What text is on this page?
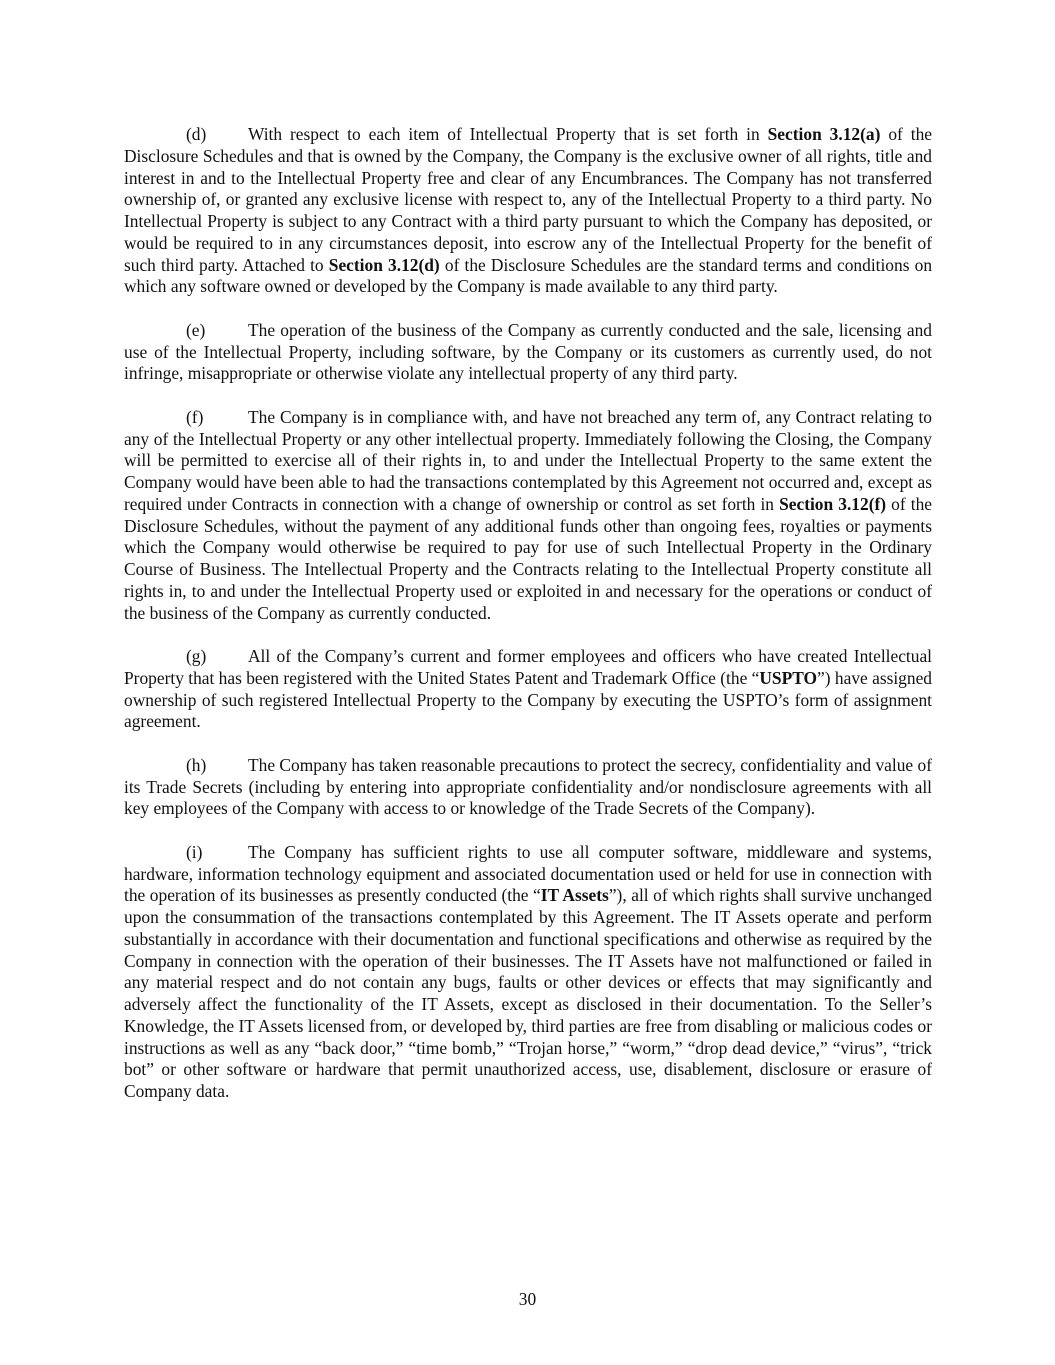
(d) With respect to each item of Intellectual Property that is set forth in Section 3.12(a) of the Disclosure Schedules and that is owned by the Company, the Company is the exclusive owner of all rights, title and interest in and to the Intellectual Property free and clear of any Encumbrances. The Company has not transferred ownership of, or granted any exclusive license with respect to, any of the Intellectual Property to a third party. No Intellectual Property is subject to any Contract with a third party pursuant to which the Company has deposited, or would be required to in any circumstances deposit, into escrow any of the Intellectual Property for the benefit of such third party. Attached to Section 3.12(d) of the Disclosure Schedules are the standard terms and conditions on which any software owned or developed by the Company is made available to any third party.

(e) The operation of the business of the Company as currently conducted and the sale, licensing and use of the Intellectual Property, including software, by the Company or its customers as currently used, do not infringe, misappropriate or otherwise violate any intellectual property of any third party.

(f)	The Company is in compliance with, and have not breached any term of, any Contract relating to any of the Intellectual Property or any other intellectual property. Immediately following the Closing, the Company will be permitted to exercise all of their rights in, to and under the Intellectual Property to the same extent the Company would have been able to had the transactions contemplated by this Agreement not occurred and, except as required under Contracts in connection with a change of ownership or control as set forth in Section 3.12(f) of the Disclosure Schedules, without the payment of any additional funds other than ongoing fees, royalties or payments which the Company would otherwise be required to pay for use of such Intellectual Property in the Ordinary Course of Business. The Intellectual Property and the Contracts relating to the Intellectual Property constitute all rights in, to and under the Intellectual Property used or exploited in and necessary for the operations or conduct of the business of the Company as currently conducted.

(g) All of the Company’s current and former employees and officers who have created Intellectual Property that has been registered with the United States Patent and Trademark Office (the “USPTO”) have assigned ownership of such registered Intellectual Property to the Company by executing the USPTO’s form of assignment agreement.

(h) The Company has taken reasonable precautions to protect the secrecy, confidentiality and value of its Trade Secrets (including by entering into appropriate confidentiality and/or nondisclosure agreements with all key employees of the Company with access to or knowledge of the Trade Secrets of the Company).

(i)	The Company has sufficient rights to use all computer software, middleware and systems, hardware, information technology equipment and associated documentation used or held for use in connection with the operation of its businesses as presently conducted (the “IT Assets”), all of which rights shall survive unchanged upon the consummation of the transactions contemplated by this Agreement. The IT Assets operate and perform substantially in accordance with their documentation and functional specifications and otherwise as required by the Company in connection with the operation of their businesses. The IT Assets have not malfunctioned or failed in any material respect and do not contain any bugs, faults or other devices or effects that may significantly and adversely affect the functionality of the IT Assets, except as disclosed in their documentation. To the Seller’s Knowledge, the IT Assets licensed from, or developed by, third parties are free from disabling or malicious codes or instructions as well as any “back door,” “time bomb,” “Trojan horse,” “worm,” “drop dead device,” “virus”, “trick bot” or other software or hardware that permit unauthorized access, use, disablement, disclosure or erasure of Company data.

30
